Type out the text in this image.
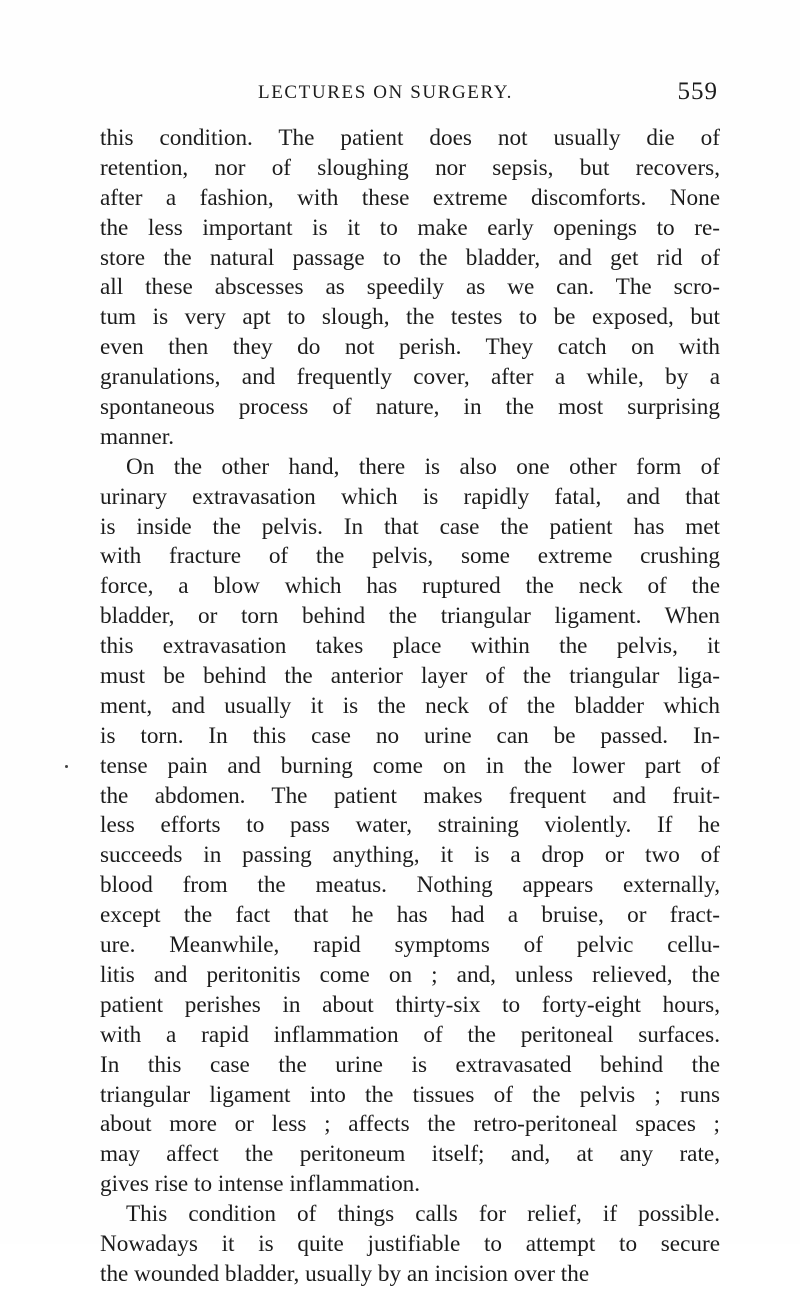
LECTURES ON SURGERY.	559
this condition. The patient does not usually die of
retention, nor of sloughing nor sepsis, but recovers,
after a fashion, with these extreme discomforts. None
the less important is it to make early openings to re-
store the natural passage to the bladder, and get rid of
all these abscesses as speedily as we can. The scro-
tum is very apt to slough, the testes to be exposed, but
even then they do not perish. They catch on with
granulations, and frequently cover, after a while, by a
spontaneous process of nature, in the most surprising
manner.
On the other hand, there is also one other form of
urinary extravasation which is rapidly fatal, and that
is inside the pelvis. In that case the patient has met
with fracture of the pelvis, some extreme crushing
force, a blow which has ruptured the neck of the
bladder, or torn behind the triangular ligament. When
this extravasation takes place within the pelvis, it
must be behind the anterior layer of the triangular liga-
ment, and usually it is the neck of the bladder which
is torn. In this case no urine can be passed. In-
tense pain and burning come on in the lower part of
the abdomen. The patient makes frequent and fruit-
less efforts to pass water, straining violently. If he
succeeds in passing anything, it is a drop or two of
blood from the meatus. Nothing appears externally,
except the fact that he has had a bruise, or fract-
ure. Meanwhile, rapid symptoms of pelvic cellu-
litis and peritonitis come on ; and, unless relieved, the
patient perishes in about thirty-six to forty-eight hours,
with a rapid inflammation of the peritoneal surfaces.
In this case the urine is extravasated behind the
triangular ligament into the tissues of the pelvis ; runs
about more or less ; affects the retro-peritoneal spaces ;
may affect the peritoneum itself; and, at any rate,
gives rise to intense inflammation.
This condition of things calls for relief, if possible.
Nowadays it is quite justifiable to attempt to secure
the wounded bladder, usually by an incision over the
